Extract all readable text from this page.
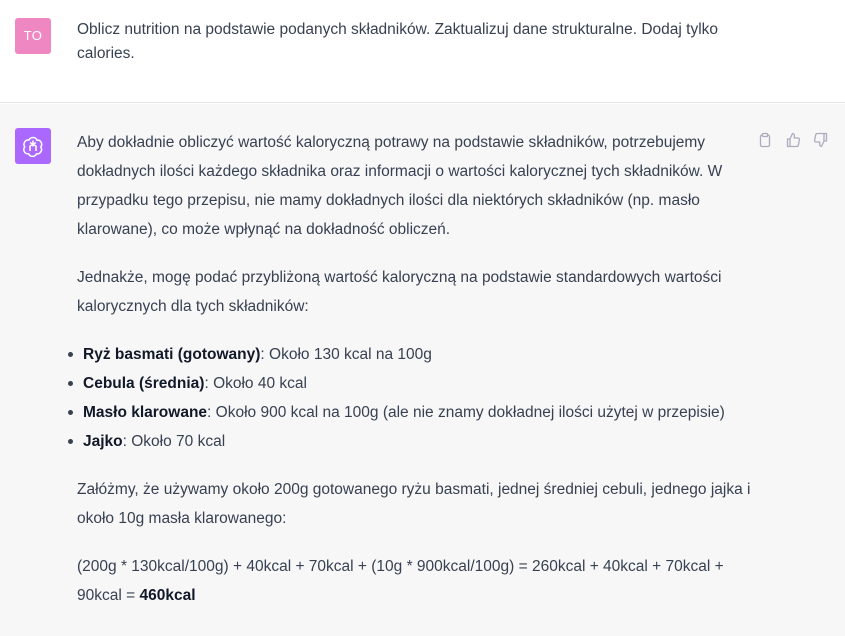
TO	Oblicz nutrition na podstawie podanych składników. Zaktualizuj dane strukturalne. Dodaj tylko calories.

Aby dokładnie obliczyć wartość kaloryczną potrawy na podstawie składników, potrzebujemy dokładnych ilości każdego składnika oraz informacji o wartości kalorycznej tych składników. W przypadku tego przepisu, nie mamy dokładnych ilości dla niektórych składników (np. masło klarowane), co może wpłynąć na dokładność obliczeń.

Jednakże, mogę podać przybliżoną wartość kaloryczną na podstawie standardowych wartości kalorycznych dla tych składników:

Ryż basmati (gotowany): Około 130 kcal na 100g
Cebula (średnia): Około 40 kcal
Masło klarowane: Około 900 kcal na 100g (ale nie znamy dokładnej ilości użytej w przepisie)
Jajko: Około 70 kcal

Załóżmy, że używamy około 200g gotowanego ryżu basmati, jednej średniej cebuli, jednego jajka i około 10g masła klarowanego:

(200g * 130kcal/100g) + 40kcal + 70kcal + (10g * 900kcal/100g) = 260kcal + 40kcal + 70kcal + 90kcal = 460kcal
